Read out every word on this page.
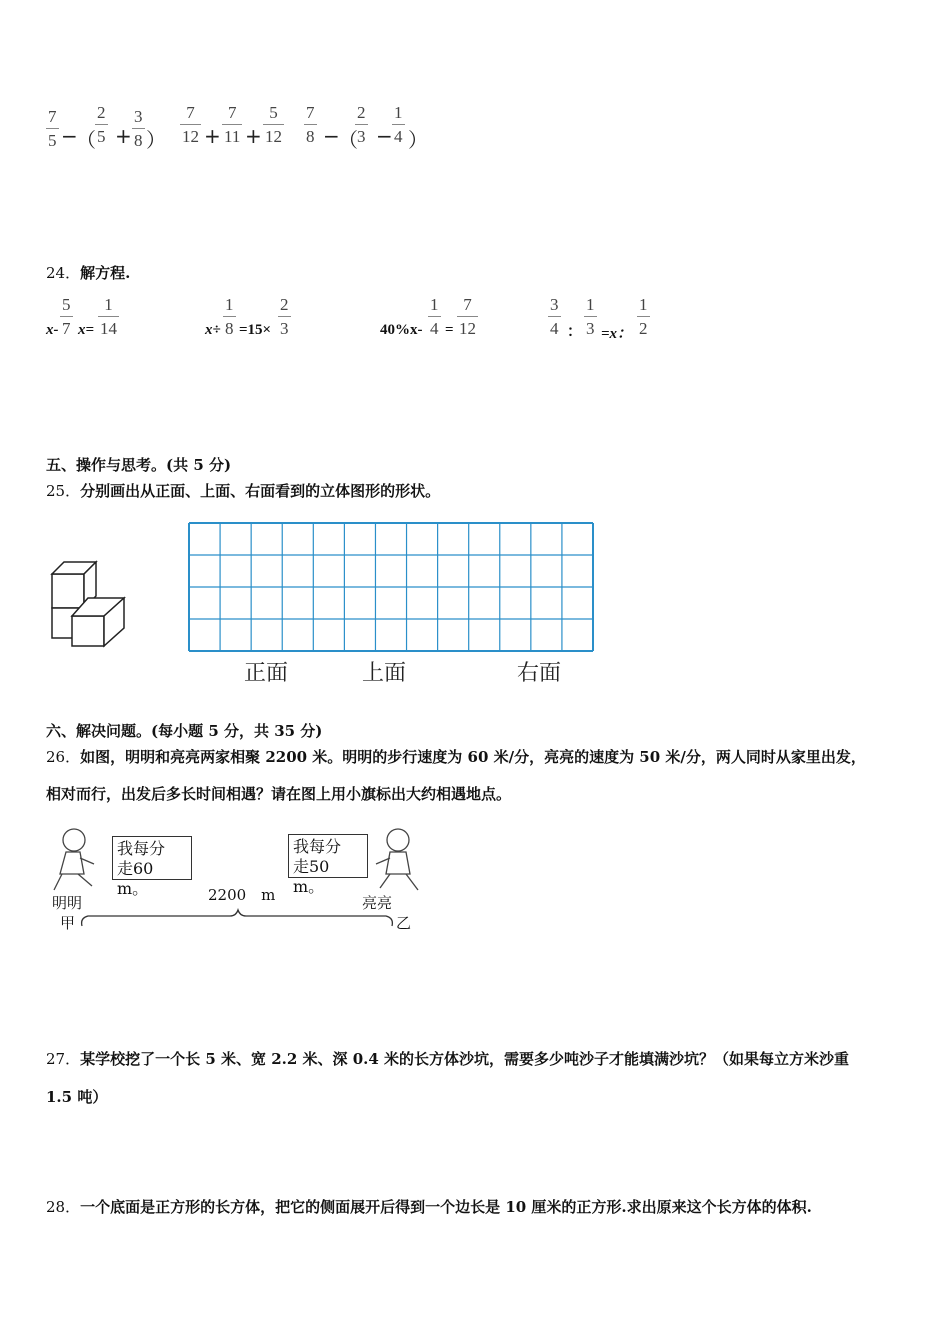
$\frac{7}{5}$ −
（ $\frac{2}{5} + \frac{3}{8}$ ） $\frac{7}{12} + \frac{7}{11} + \frac{5}{12} \frac{7}{8}$ −
（
$\frac{2}{3} - \frac{1}{4}$ ）
24．解方程.
$x- \frac{5}{7} x= \frac{1}{14}$	$x\div \frac{1}{8} =15\times \frac{2}{3}$	$40\%x- \frac{1}{4} = \frac{7}{12}$	$\frac{3}{4}$ ： $\frac{1}{3} =x$： $\frac{1}{2}$
五、操作与思考。(共 5 分)
25．分别画出从正面、上面、右面看到的立体图形的形状。
正面	上面	右面
六、解决问题。(每小题 5 分，共 35 分)
26．如图，明明和亮亮两家相聚 2200 米。明明的步行速度为 60 米/分，亮亮的速度为 50 米/分，两人同时从家里出发，
相对而行，出发后多长时间相遇？请在图上用小旗标出大约相遇地点。
我每分
走60 m。
我每分
走50 m。
明明	亮亮
2200　m
甲	乙
27．某学校挖了一个长 5 米、宽 2.2 米、深 0.4 米的长方体沙坑，需要多少吨沙子才能填满沙坑？（如果每立方米沙重
1.5 吨）
28．一个底面是正方形的长方体，把它的侧面展开后得到一个边长是 10 厘米的正方形.求出原来这个长方体的体积.
